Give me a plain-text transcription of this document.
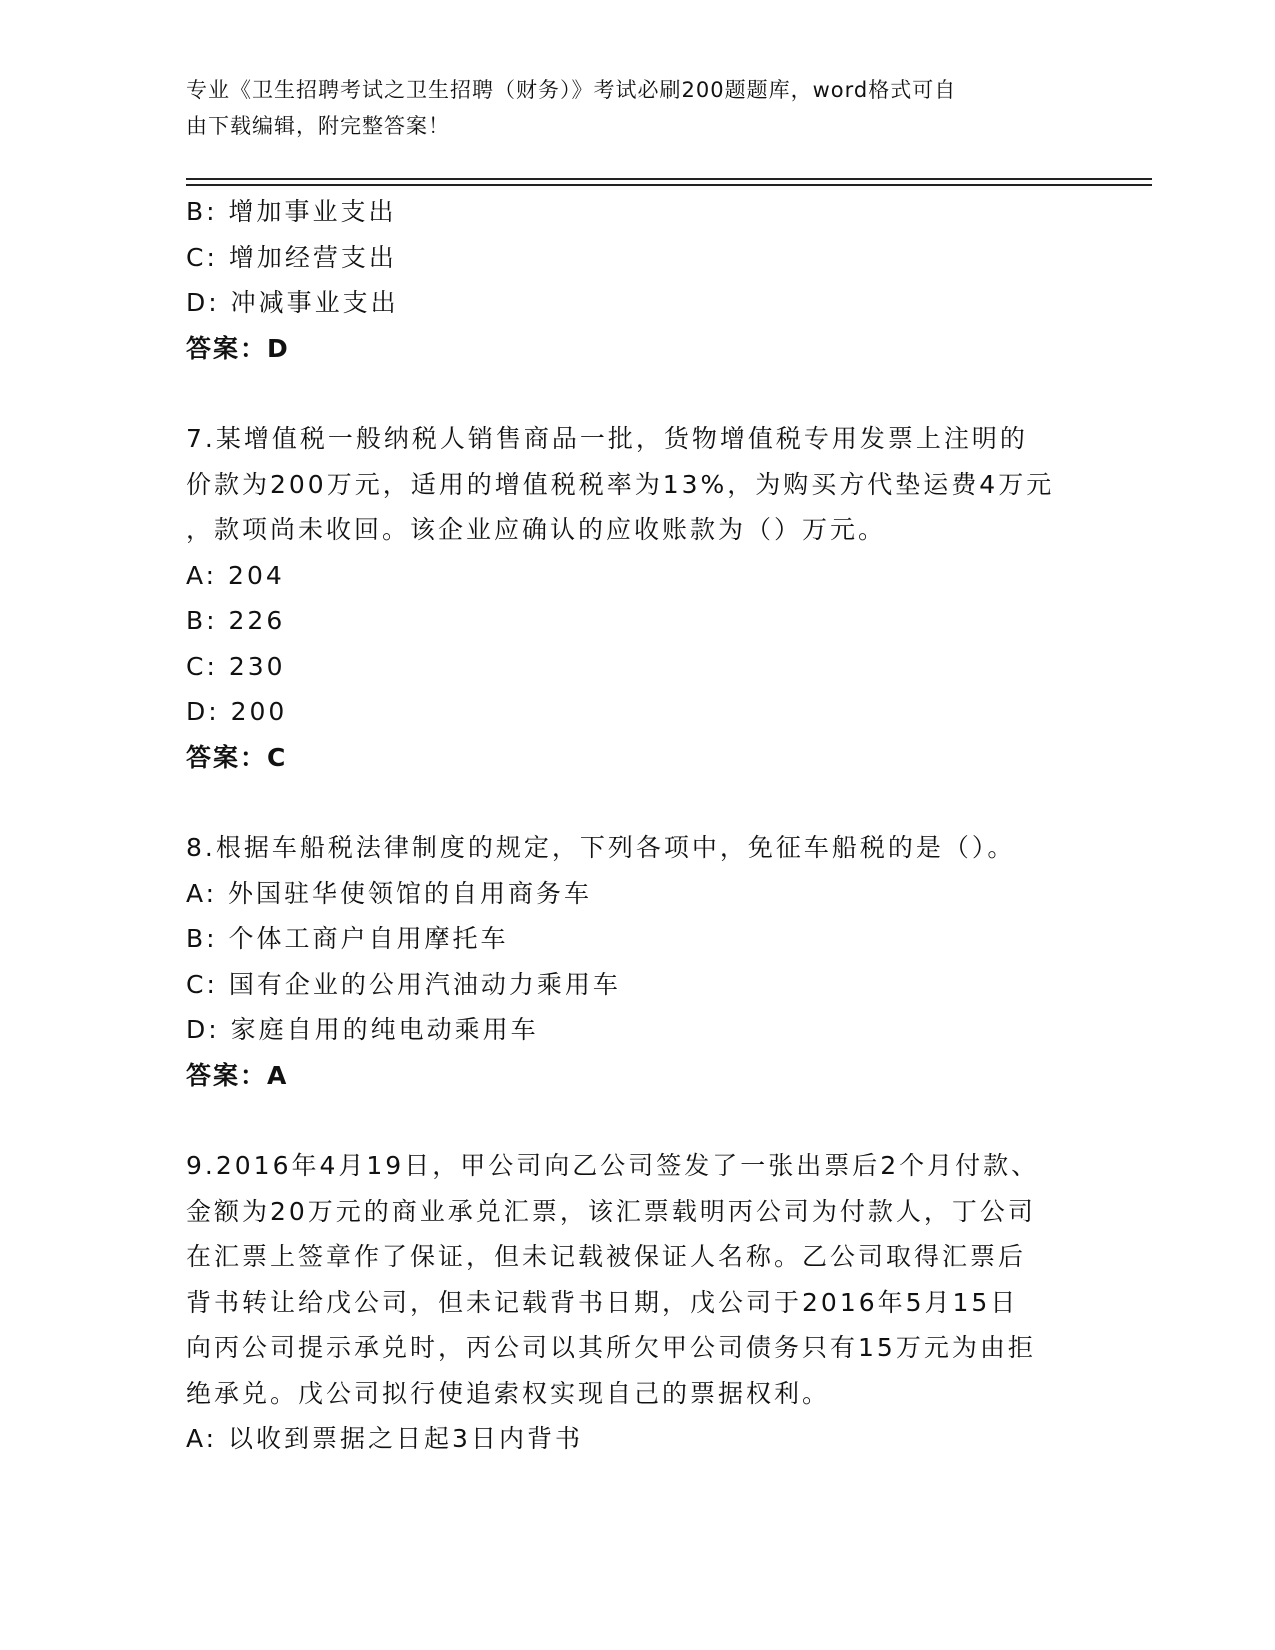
专业《卫生招聘考试之卫生招聘（财务）》考试必刷200题题库，word格式可自
由下载编辑，附完整答案！
B: 增加事业支出
C: 增加经营支出
D: 冲减事业支出
答案：D
7.某增值税一般纳税人销售商品一批，货物增值税专用发票上注明的
价款为200万元，适用的增值税税率为13%，为购买方代垫运费4万元
，款项尚未收回。该企业应确认的应收账款为（）万元。
A: 204
B: 226
C: 230
D: 200
答案：C
8.根据车船税法律制度的规定，下列各项中，免征车船税的是（）。
A: 外国驻华使领馆的自用商务车
B: 个体工商户自用摩托车
C: 国有企业的公用汽油动力乘用车
D: 家庭自用的纯电动乘用车
答案：A
9.2016年4月19日，甲公司向乙公司签发了一张出票后2个月付款、
金额为20万元的商业承兑汇票，该汇票载明丙公司为付款人，丁公司
在汇票上签章作了保证，但未记载被保证人名称。乙公司取得汇票后
背书转让给戊公司，但未记载背书日期，戊公司于2016年5月15日
向丙公司提示承兑时，丙公司以其所欠甲公司债务只有15万元为由拒
绝承兑。戊公司拟行使追索权实现自己的票据权利。
A: 以收到票据之日起3日内背书
